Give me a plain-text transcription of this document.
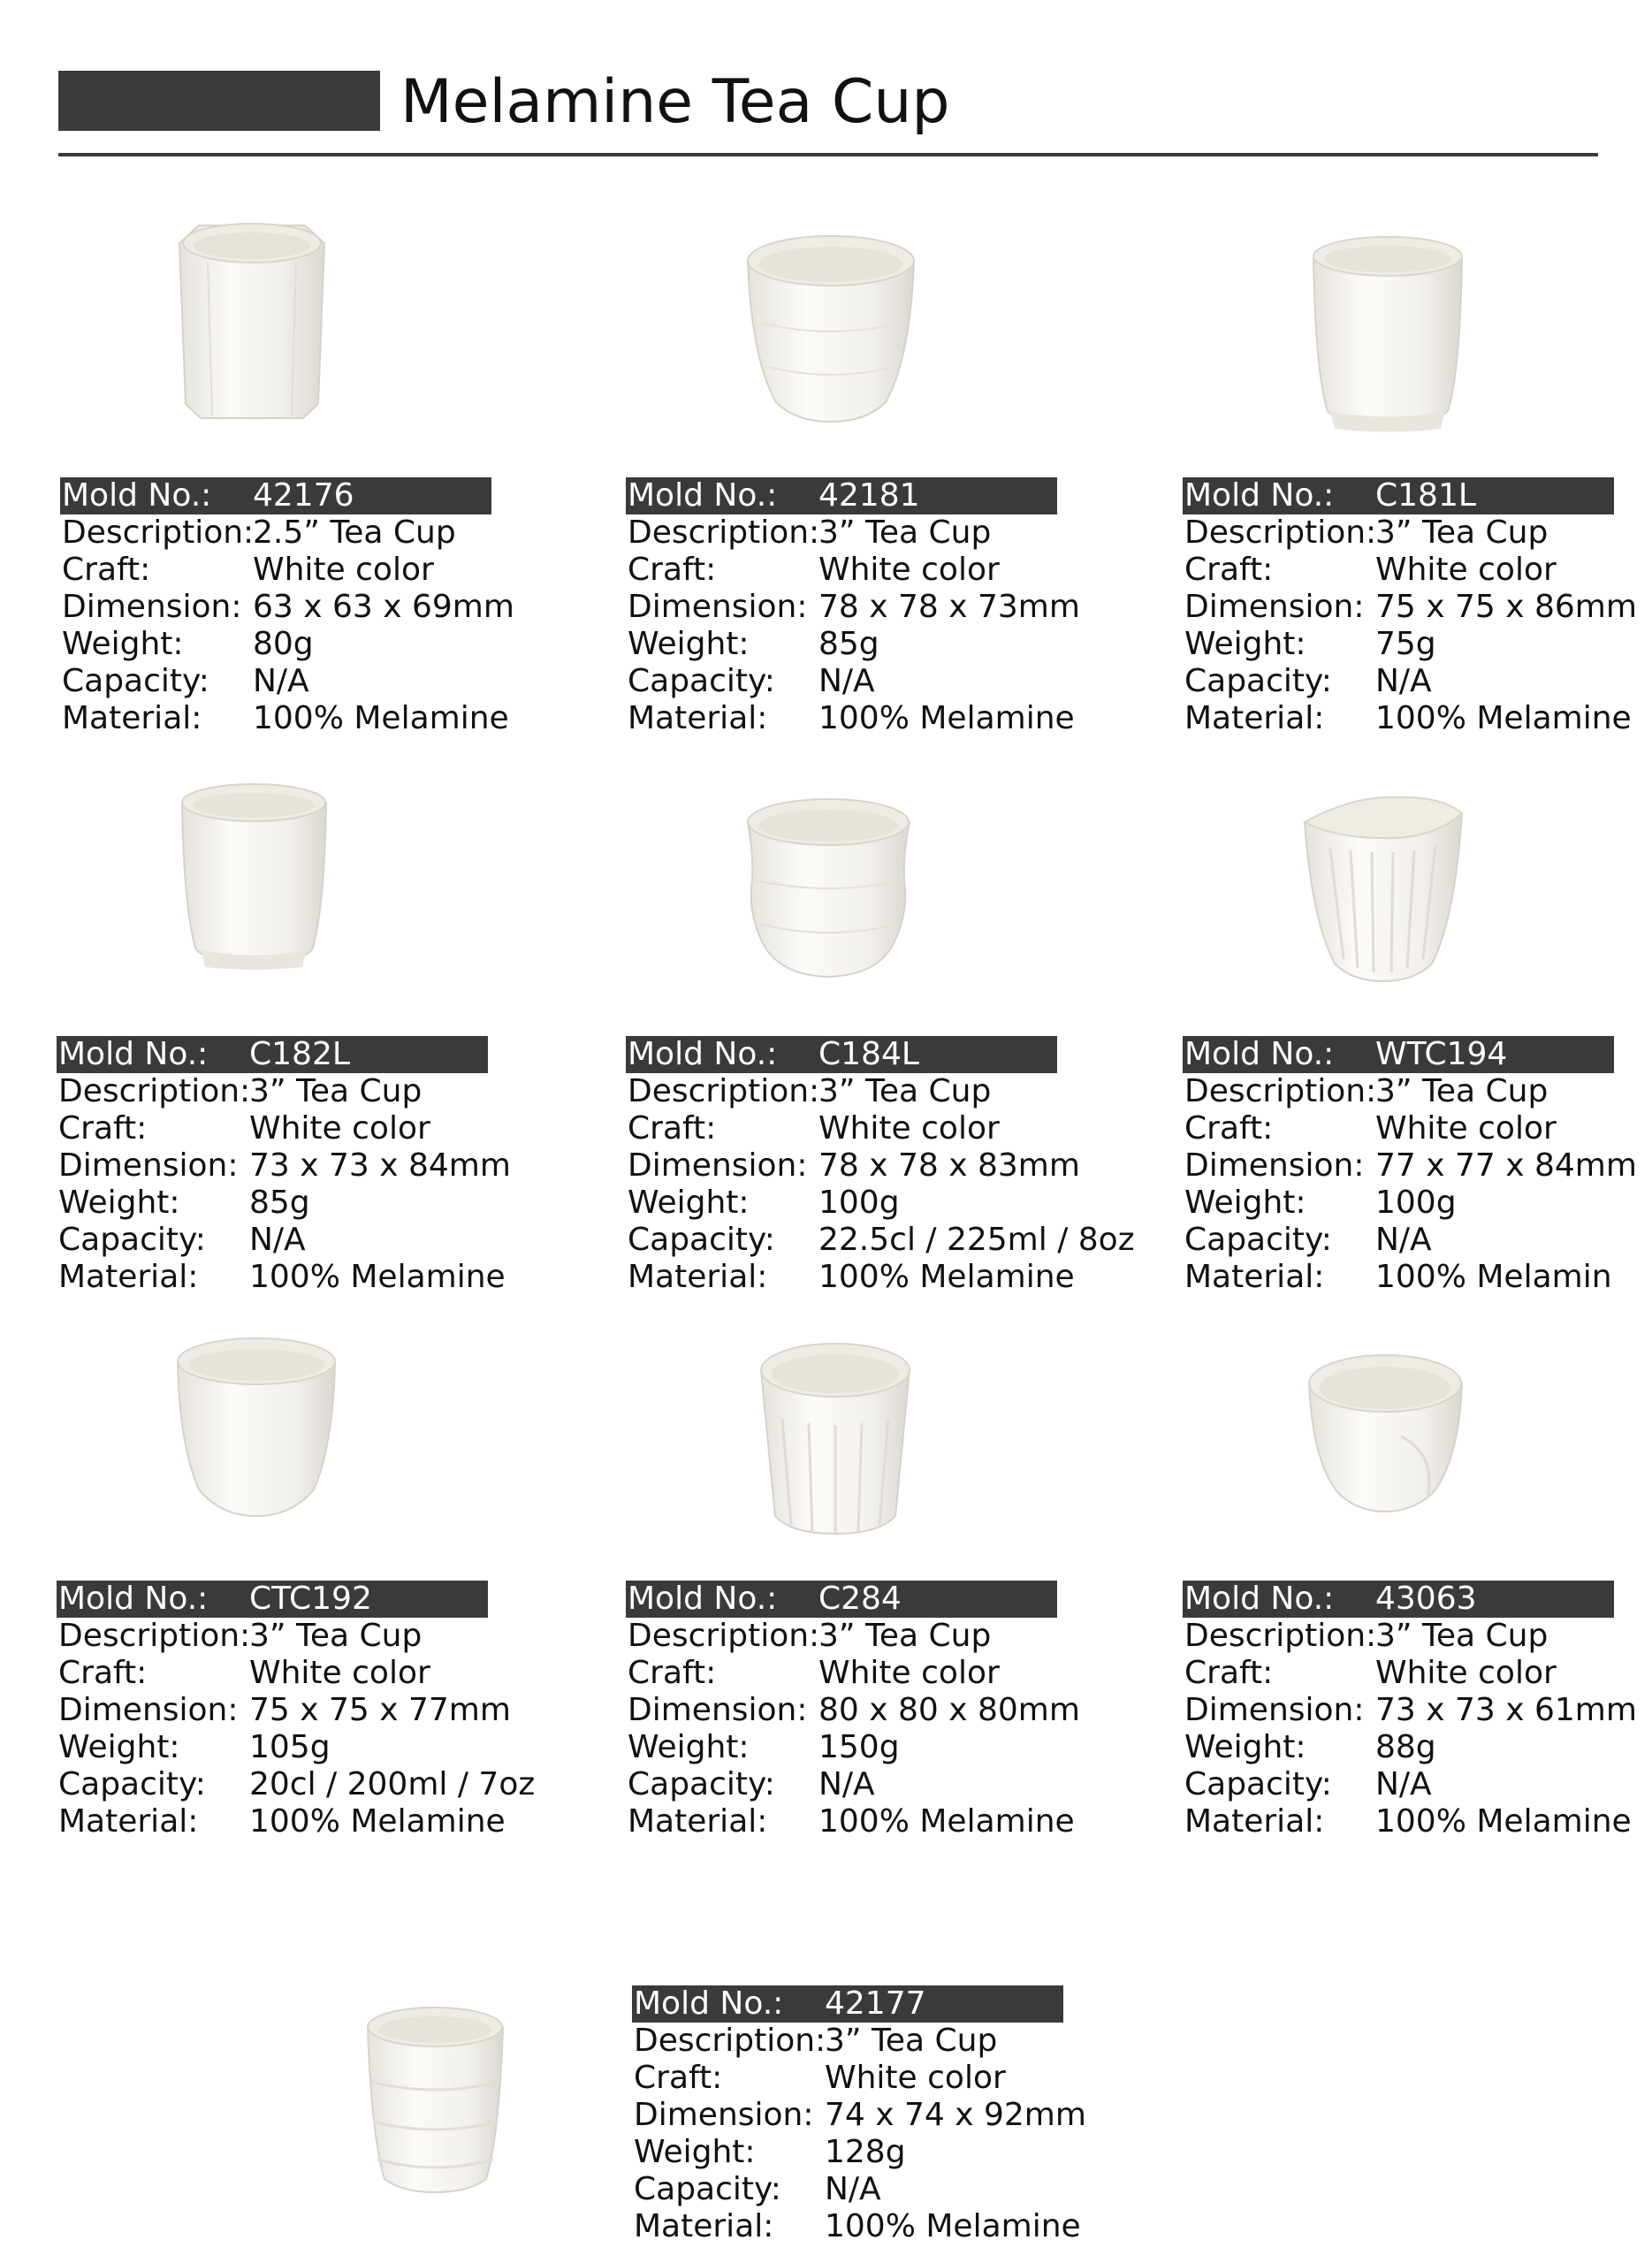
Melamine Tea Cup
Mold No.: 42176
Description:
2.5” Tea Cup
Craft:	White color
Dimension: 63 x 63 x 69mm
Weight: 80g
Capacity: N/A
Material: 100% Melamine
Mold No.: 42181
Description:
3” Tea Cup
Craft:	White color
Dimension: 78 x 78 x 73mm
Weight: 85g
Capacity: N/A
Material: 100% Melamine
Mold No.: C181L
Description:
3” Tea Cup
Craft:	White color
Dimension: 75 x 75 x 86mm
Weight: 75g
Capacity: N/A
Material: 100% Melamine
Mold No.: C182L
Description:
3” Tea Cup
Craft:	White color
Dimension: 73 x 73 x 84mm
Weight: 85g
Capacity: N/A
Material: 100% Melamine
Mold No.: C184L
Description:
3” Tea Cup
Craft:	White color
Dimension: 78 x 78 x 83mm
Weight: 100g
Capacity: 22.5cl / 225ml / 8oz
Material: 100% Melamine
Mold No.: WTC194
Description:
3” Tea Cup
Craft:	White color
Dimension: 77 x 77 x 84mm
Weight: 100g
Capacity: N/A
Material: 100% Melamin
Mold No.: CTC192
Description:
3” Tea Cup
Craft:	White color
Dimension: 75 x 75 x 77mm
Weight: 105g
Capacity: 20cl / 200ml / 7oz
Material: 100% Melamine
Mold No.: C284
Description:
3” Tea Cup
Craft:	White color
Dimension: 80 x 80 x 80mm
Weight: 150g
Capacity: N/A
Material: 100% Melamine
Mold No.: 43063
Description:
3” Tea Cup
Craft:	White color
Dimension: 73 x 73 x 61mm
Weight: 88g
Capacity: N/A
Material: 100% Melamine
Mold No.: 42177
Description:
3” Tea Cup
Craft:	White color
Dimension: 74 x 74 x 92mm
Weight: 128g
Capacity: N/A
Material: 100% Melamine
